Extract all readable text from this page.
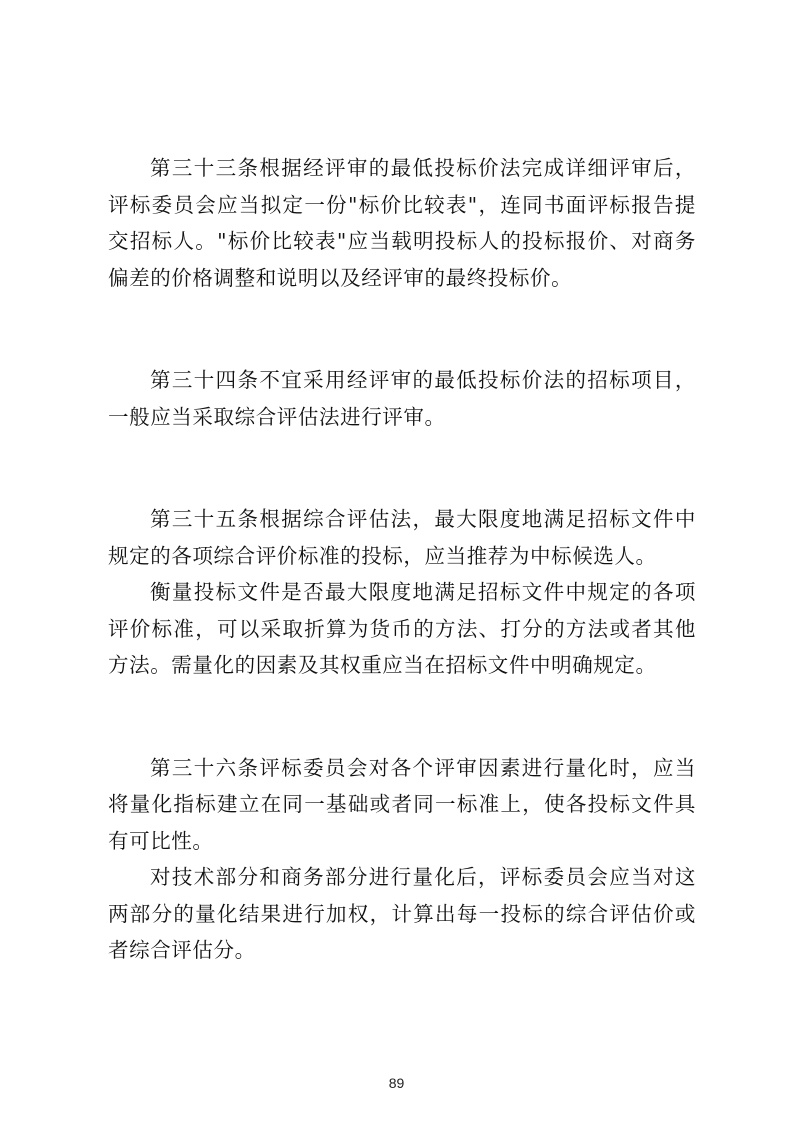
第三十三条根据经评审的最低投标价法完成详细评审后，评标委员会应当拟定一份"标价比较表"，连同书面评标报告提交招标人。"标价比较表"应当载明投标人的投标报价、对商务偏差的价格调整和说明以及经评审的最终投标价。

第三十四条不宜采用经评审的最低投标价法的招标项目，一般应当采取综合评估法进行评审。

第三十五条根据综合评估法，最大限度地满足招标文件中规定的各项综合评价标准的投标，应当推荐为中标候选人。

衡量投标文件是否最大限度地满足招标文件中规定的各项评价标准，可以采取折算为货币的方法、打分的方法或者其他方法。需量化的因素及其权重应当在招标文件中明确规定。

第三十六条评标委员会对各个评审因素进行量化时，应当将量化指标建立在同一基础或者同一标准上，使各投标文件具有可比性。

对技术部分和商务部分进行量化后，评标委员会应当对这两部分的量化结果进行加权，计算出每一投标的综合评估价或者综合评估分。

89
